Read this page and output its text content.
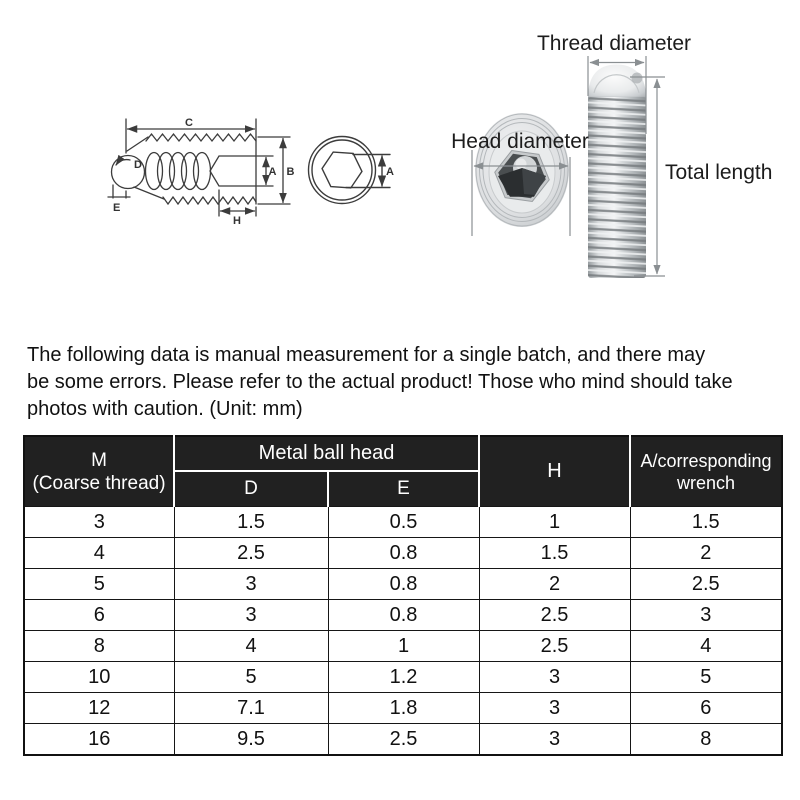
C
D
E
A B
H
A
Thread diameter
Head diameter
Total length
The following data is manual measurement for a single batch, and there may
be some errors. Please refer to the actual product! Those who mind should take
photos with caution. (Unit: mm)
M
(Coarse thread)
	Metal ball head	H	A/corresponding
wrench

	D	E		
3	1.5	0.5	1	1.5
4	2.5	0.8	1.5	2
5	3	0.8	2	2.5
6	3	0.8	2.5	3
8	4	1	2.5	4
10	5	1.2	3	5
12	7.1	1.8	3	6
16	9.5	2.5	3	8
